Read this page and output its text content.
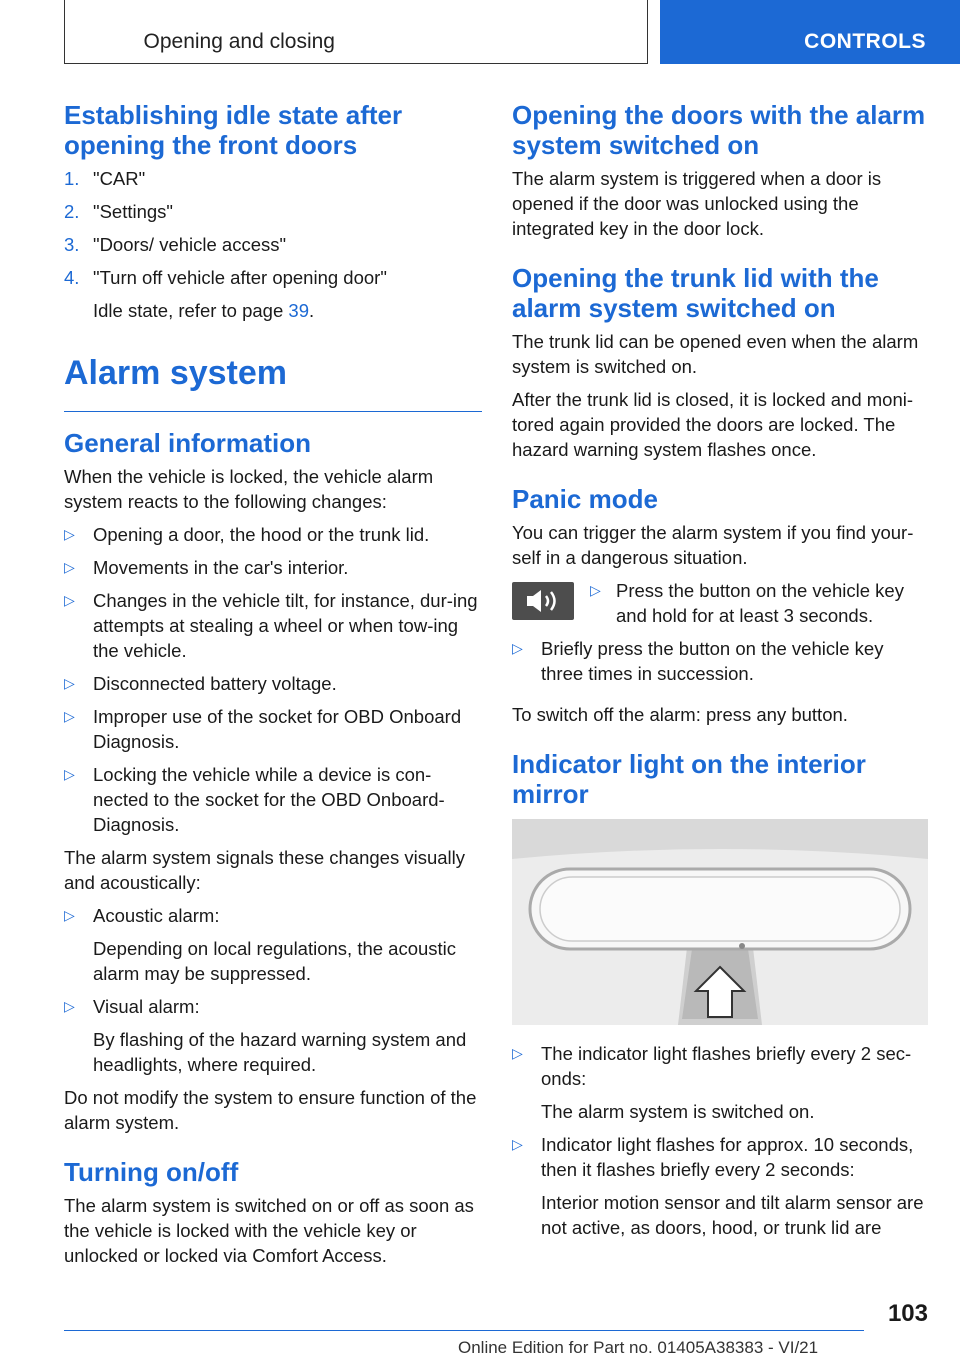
Opening and closing	CONTROLS
Establishing idle state after opening the front doors
1. "CAR"
2. "Settings"
3. "Doors/ vehicle access"
4. "Turn off vehicle after opening door"
Idle state, refer to page 39.
Alarm system
General information

When the vehicle is locked, the vehicle alarm system reacts to the following changes:

▷ Opening a door, the hood or the trunk lid.
▷ Movements in the car's interior.
▷ Changes in the vehicle tilt, for instance, dur-ing attempts at stealing a wheel or when tow-ing the vehicle.
▷ Disconnected battery voltage.
▷ Improper use of the socket for OBD Onboard Diagnosis.
▷ Locking the vehicle while a device is con-nected to the socket for the OBD Onboard-Diagnosis.

The alarm system signals these changes visually and acoustically:

▷ Acoustic alarm:
Depending on local regulations, the acoustic alarm may be suppressed.
▷ Visual alarm:
By flashing of the hazard warning system and headlights, where required.

Do not modify the system to ensure function of the alarm system.

Turning on/off

The alarm system is switched on or off as soon as the vehicle is locked with the vehicle key or unlocked or locked via Comfort Access.

Opening the doors with the alarm system switched on

The alarm system is triggered when a door is opened if the door was unlocked using the integrated key in the door lock.

Opening the trunk lid with the alarm system switched on

The trunk lid can be opened even when the alarm system is switched on.

After the trunk lid is closed, it is locked and moni-tored again provided the doors are locked. The hazard warning system flashes once.

Panic mode

You can trigger the alarm system if you find your-self in a dangerous situation.

▷ Press the button on the vehicle key and hold for at least 3 seconds.
▷ Briefly press the button on the vehicle key three times in succession.

To switch off the alarm: press any button.

Indicator light on the interior mirror
▷ The indicator light flashes briefly every 2 sec-onds:
The alarm system is switched on.
▷ Indicator light flashes for approx. 10 seconds, then it flashes briefly every 2 seconds:
Interior motion sensor and tilt alarm sensor are not active, as doors, hood, or trunk lid are
103
Online Edition for Part no. 01405A38383 - VI/21
